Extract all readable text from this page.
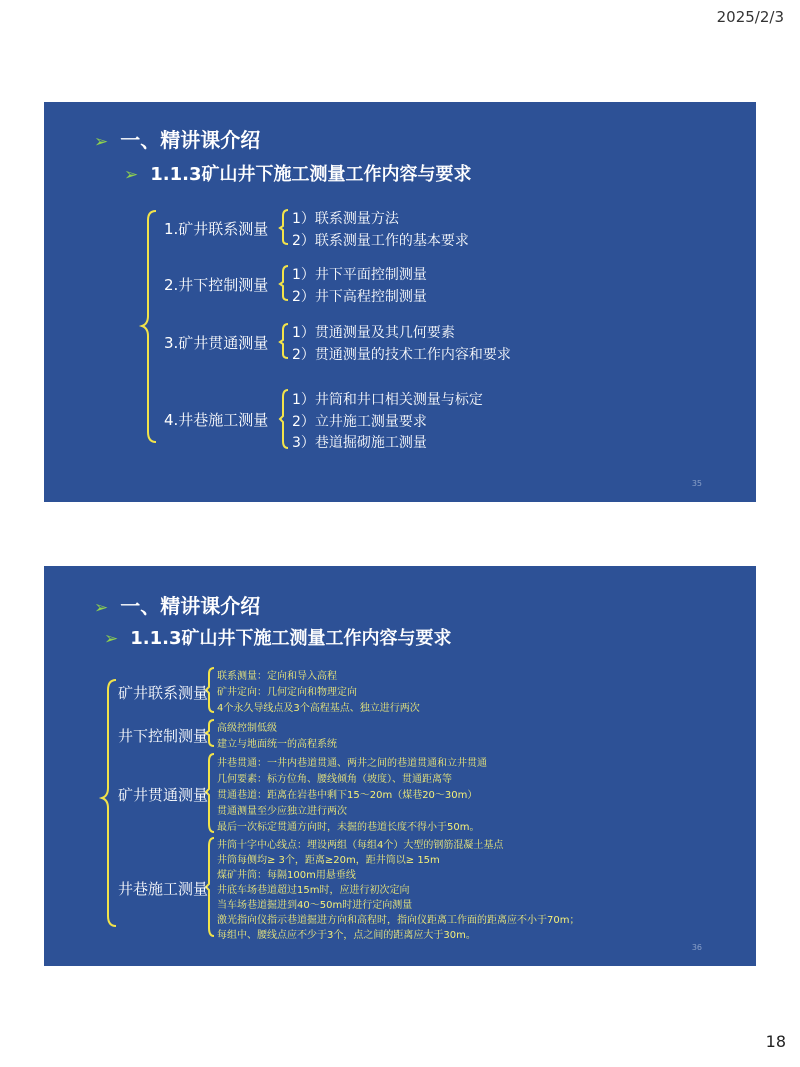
2025/2/3
➢ 一、精讲课介绍
➢ 1.1.3矿山井下施工测量工作内容与要求
1.矿井联系测量
1）联系测量方法
2）联系测量工作的基本要求
2.井下控制测量
1）井下平面控制测量
2）井下高程控制测量
3.矿井贯通测量
1）贯通测量及其几何要素
2）贯通测量的技术工作内容和要求
4.井巷施工测量
1）井筒和井口相关测量与标定
2）立井施工测量要求
3）巷道掘砌施工测量
35
➢ 一、精讲课介绍
➢ 1.1.3矿山井下施工测量工作内容与要求
矿井联系测量
联系测量：定向和导入高程
矿井定向：几何定向和物理定向
4个永久导线点及3个高程基点、独立进行两次
井下控制测量 高级控制低级
建立与地面统一的高程系统
矿井贯通测量
井巷贯通：一井内巷道贯通、两井之间的巷道贯通和立井贯通
几何要素：标方位角、腰线倾角（坡度）、贯通距离等
贯通巷道：距离在岩巷中剩下15～20m（煤巷20～30m）
贯通测量至少应独立进行两次
最后一次标定贯通方向时，未掘的巷道长度不得小于50m。
井巷施工测量
井筒十字中心线点：埋设两组（每组4个）大型的钢筋混凝土基点
井筒每侧均≥ 3个，距离≥20m，距井筒以≥ 15m
煤矿井筒：每隔100m用悬垂线
井底车场巷道超过15m时，应进行初次定向
当车场巷道掘进到40～50m时进行定向测量
激光指向仪指示巷道掘进方向和高程时，指向仪距离工作面的距离应不小于70m；
每组中、腰线点应不少于3个，点之间的距离应大于30m。
36
18
